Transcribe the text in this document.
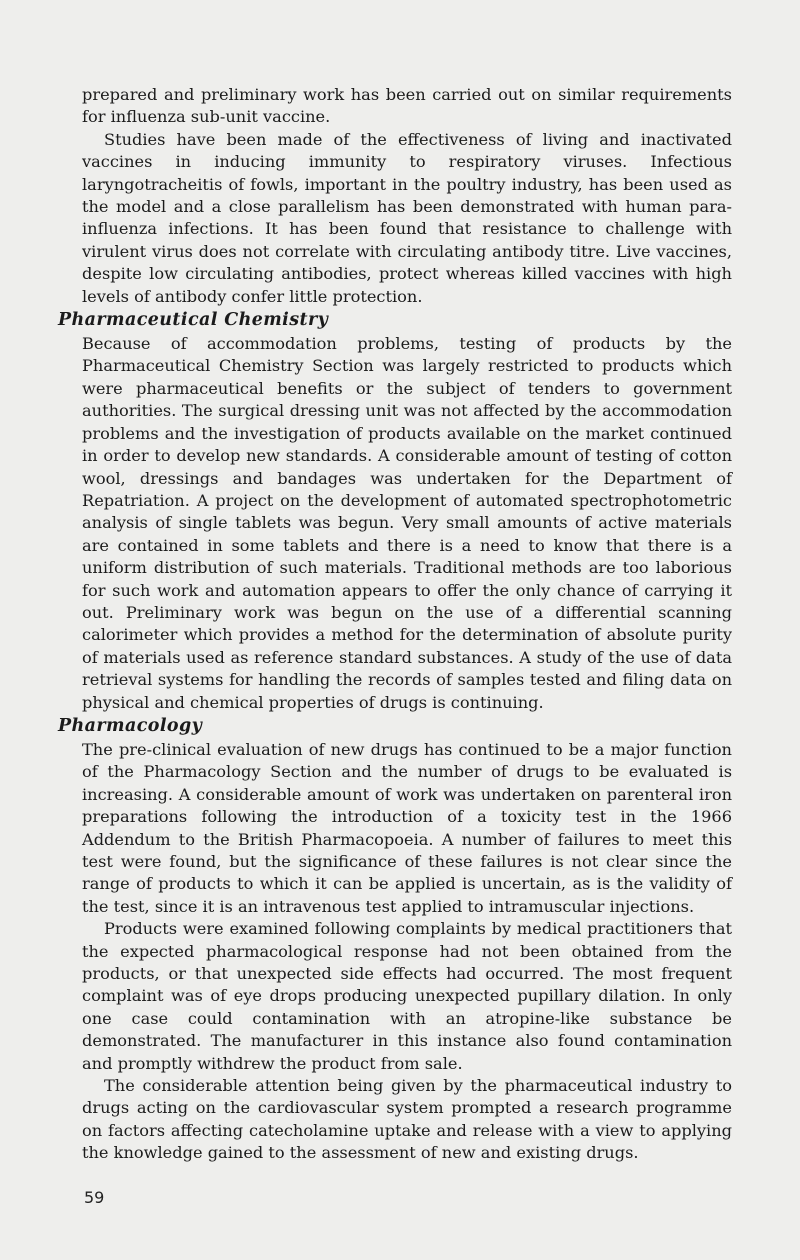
prepared and preliminary work has been carried out on similar requirements for influenza sub-unit vaccine.

Studies have been made of the effectiveness of living and inactivated vaccines in inducing immunity to respiratory viruses. Infectious laryngotracheitis of fowls, important in the poultry industry, has been used as the model and a close parallelism has been demonstrated with human para-influenza infections. It has been found that resistance to challenge with virulent virus does not correlate with circulating antibody titre. Live vaccines, despite low circulating antibodies, protect whereas killed vaccines with high levels of antibody confer little protection.

Pharmaceutical Chemistry

Because of accommodation problems, testing of products by the Pharmaceutical Chemistry Section was largely restricted to products which were pharmaceutical benefits or the subject of tenders to government authorities. The surgical dressing unit was not affected by the accommodation problems and the investigation of products available on the market continued in order to develop new standards. A considerable amount of testing of cotton wool, dressings and bandages was undertaken for the Department of Repatriation. A project on the development of automated spectrophotometric analysis of single tablets was begun. Very small amounts of active materials are contained in some tablets and there is a need to know that there is a uniform distribution of such materials. Traditional methods are too laborious for such work and automation appears to offer the only chance of carrying it out. Preliminary work was begun on the use of a differential scanning calorimeter which provides a method for the determination of absolute purity of materials used as reference standard substances. A study of the use of data retrieval systems for handling the records of samples tested and filing data on physical and chemical properties of drugs is continuing.

Pharmacology

The pre-clinical evaluation of new drugs has continued to be a major function of the Pharmacology Section and the number of drugs to be evaluated is increasing. A considerable amount of work was undertaken on parenteral iron preparations following the introduction of a toxicity test in the 1966 Addendum to the British Pharmacopoeia. A number of failures to meet this test were found, but the significance of these failures is not clear since the range of products to which it can be applied is uncertain, as is the validity of the test, since it is an intravenous test applied to intramuscular injections.

Products were examined following complaints by medical practitioners that the expected pharmacological response had not been obtained from the products, or that unexpected side effects had occurred. The most frequent complaint was of eye drops producing unexpected pupillary dilation. In only one case could contamination with an atropine-like substance be demonstrated. The manufacturer in this instance also found contamination and promptly withdrew the product from sale.

The considerable attention being given by the pharmaceutical industry to drugs acting on the cardiovascular system prompted a research programme on factors affecting catecholamine uptake and release with a view to applying the knowledge gained to the assessment of new and existing drugs.

59
